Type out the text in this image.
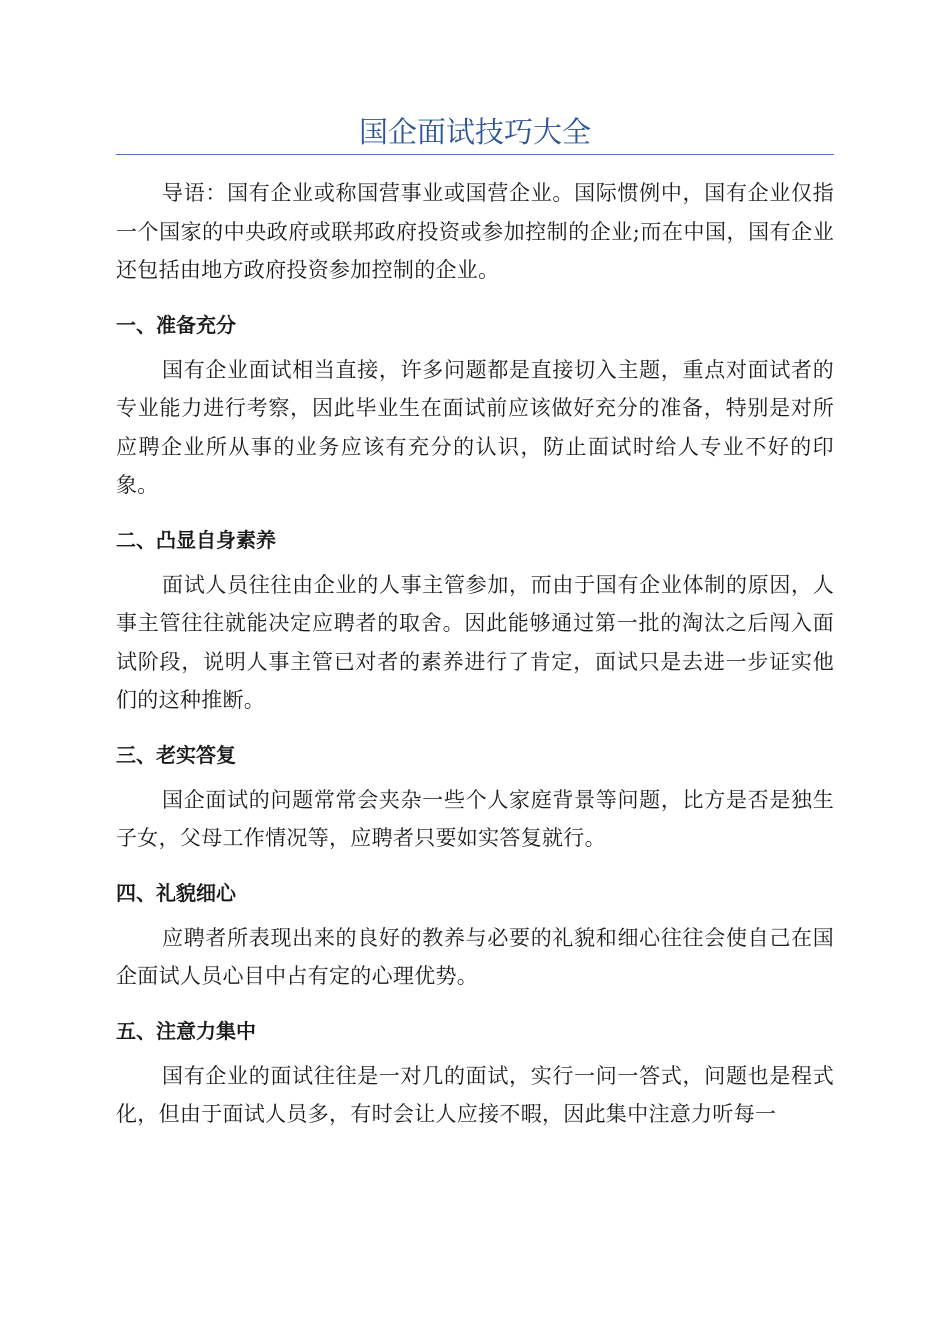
国企面试技巧大全

导语：国有企业或称国营事业或国营企业。国际惯例中，国有企业仅指一个国家的中央政府或联邦政府投资或参加控制的企业;而在中国，国有企业还包括由地方政府投资参加控制的企业。

一、准备充分

国有企业面试相当直接，许多问题都是直接切入主题，重点对面试者的专业能力进行考察，因此毕业生在面试前应该做好充分的准备，特别是对所应聘企业所从事的业务应该有充分的认识，防止面试时给人专业不好的印象。

二、凸显自身素养

面试人员往往由企业的人事主管参加，而由于国有企业体制的原因，人事主管往往就能决定应聘者的取舍。因此能够通过第一批的淘汰之后闯入面试阶段，说明人事主管已对者的素养进行了肯定，面试只是去进一步证实他们的这种推断。

三、老实答复

国企面试的问题常常会夹杂一些个人家庭背景等问题，比方是否是独生子女，父母工作情况等，应聘者只要如实答复就行。

四、礼貌细心

应聘者所表现出来的良好的教养与必要的礼貌和细心往往会使自己在国企面试人员心目中占有定的心理优势。

五、注意力集中

国有企业的面试往往是一对几的面试，实行一问一答式，问题也是程式化，但由于面试人员多，有时会让人应接不暇，因此集中注意力听每一
